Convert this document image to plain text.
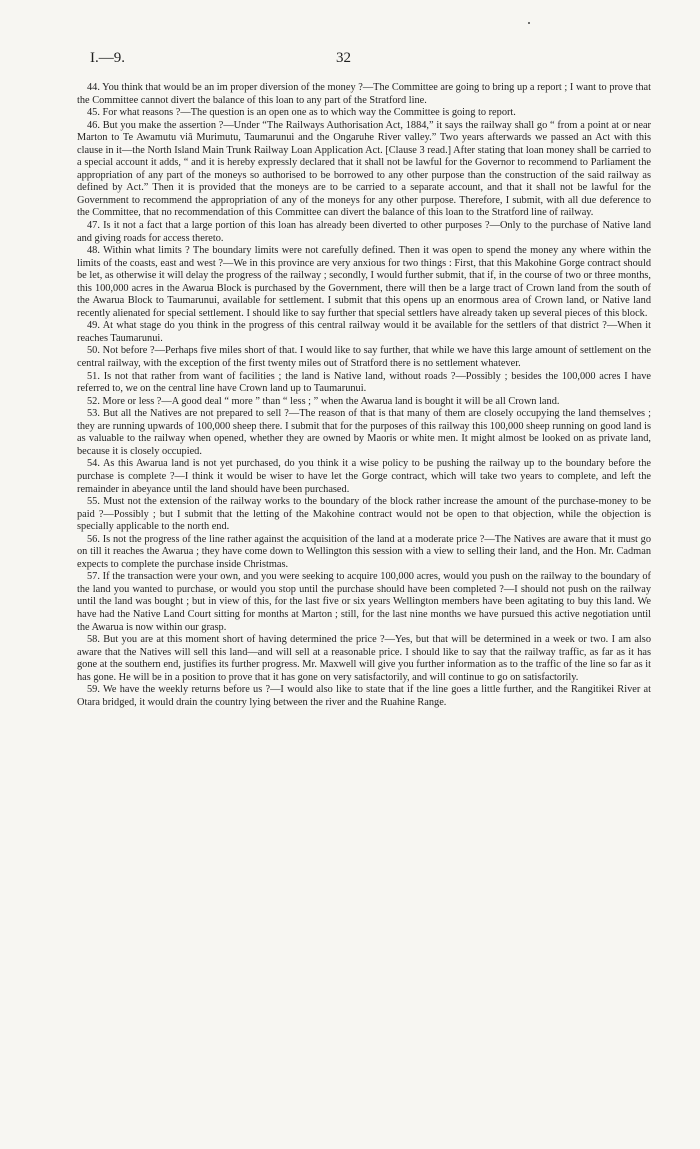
I.—9.	32

44. You think that would be an im proper diversion of the money ?—The Committee are going to bring up a report ; I want to prove that the Committee cannot divert the balance of this loan to any part of the Stratford line.

45. For what reasons ?—The question is an open one as to which way the Committee is going to report.

46. But you make the assertion ?—Under “The Railways Authorisation Act, 1884,” it says the railway shall go “ from a point at or near Marton to Te Awamutu viâ Murimutu, Taumarunui and the Ongaruhe River valley.” Two years afterwards we passed an Act with this clause in it—the North Island Main Trunk Railway Loan Application Act. [Clause 3 read.] After stating that loan money shall be carried to a special account it adds, “ and it is hereby expressly declared that it shall not be lawful for the Governor to recommend to Parliament the appropriation of any part of the moneys so authorised to be borrowed to any other purpose than the construction of the said railway as defined by Act.” Then it is provided that the moneys are to be carried to a separate account, and that it shall not be lawful for the Government to recommend the appropriation of any of the moneys for any other purpose. Therefore, I submit, with all due deference to the Committee, that no recommendation of this Committee can divert the balance of this loan to the Stratford line of railway.

47. Is it not a fact that a large portion of this loan has already been diverted to other purposes ?—Only to the purchase of Native land and giving roads for access thereto.

48. Within what limits ? The boundary limits were not carefully defined. Then it was open to spend the money any where within the limits of the coasts, east and west ?—We in this province are very anxious for two things : First, that this Makohine Gorge contract should be let, as otherwise it will delay the progress of the railway ; secondly, I would further submit, that if, in the course of two or three months, this 100,000 acres in the Awarua Block is purchased by the Government, there will then be a large tract of Crown land from the south of the Awarua Block to Taumarunui, available for settlement. I submit that this opens up an enormous area of Crown land, or Native land recently alienated for special settlement. I should like to say further that special settlers have already taken up several pieces of this block.

49. At what stage do you think in the progress of this central railway would it be available for the settlers of that district ?—When it reaches Taumarunui.

50. Not before ?—Perhaps five miles short of that. I would like to say further, that while we have this large amount of settlement on the central railway, with the exception of the first twenty miles out of Stratford there is no settlement whatever.

51. Is not that rather from want of facilities ; the land is Native land, without roads ?—Possibly ; besides the 100,000 acres I have referred to, we on the central line have Crown land up to Taumarunui.

52. More or less ?—A good deal “ more ” than “ less ; ” when the Awarua land is bought it will be all Crown land.

53. But all the Natives are not prepared to sell ?—The reason of that is that many of them are closely occupying the land themselves ; they are running upwards of 100,000 sheep there. I submit that for the purposes of this railway this 100,000 sheep running on good land is as valuable to the railway when opened, whether they are owned by Maoris or white men. It might almost be looked on as private land, because it is closely occupied.

54. As this Awarua land is not yet purchased, do you think it a wise policy to be pushing the railway up to the boundary before the purchase is complete ?—I think it would be wiser to have let the Gorge contract, which will take two years to complete, and left the remainder in abeyance until the land should have been purchased.

55. Must not the extension of the railway works to the boundary of the block rather increase the amount of the purchase-money to be paid ?—Possibly ; but I submit that the letting of the Makohine contract would not be open to that objection, while the objection is specially applicable to the north end.

56. Is not the progress of the line rather against the acquisition of the land at a moderate price ?—The Natives are aware that it must go on till it reaches the Awarua ; they have come down to Wellington this session with a view to selling their land, and the Hon. Mr. Cadman expects to complete the purchase inside Christmas.

57. If the transaction were your own, and you were seeking to acquire 100,000 acres, would you push on the railway to the boundary of the land you wanted to purchase, or would you stop until the purchase should have been completed ?—I should not push on the railway until the land was bought ; but in view of this, for the last five or six years Wellington members have been agitating to buy this land. We have had the Native Land Court sitting for months at Marton ; still, for the last nine months we have pursued this active negotiation until the Awarua is now within our grasp.

58. But you are at this moment short of having determined the price ?—Yes, but that will be determined in a week or two. I am also aware that the Natives will sell this land—and will sell at a reasonable price. I should like to say that the railway traffic, as far as it has gone at the southern end, justifies its further progress. Mr. Maxwell will give you further information as to the traffic of the line so far as it has gone. He will be in a position to prove that it has gone on very satisfactorily, and will continue to go on satisfactorily.

59. We have the weekly returns before us ?—I would also like to state that if the line goes a little further, and the Rangitikei River at Otara bridged, it would drain the country lying between the river and the Ruahine Range.
